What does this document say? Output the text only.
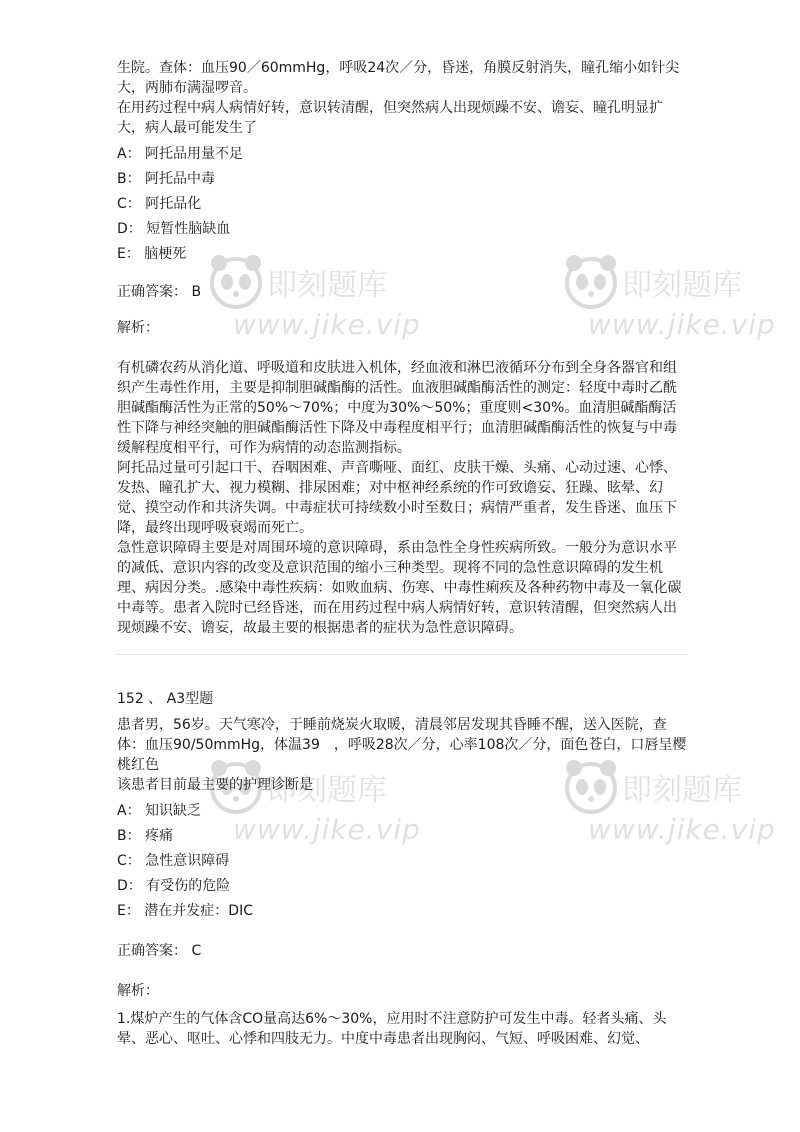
即刻题库
www.jike.vip
即刻题库
www.jike.vip
即刻题库
www.jike.vip
即刻题库
www.jike.vip

生院。查体：血压90／60mmHg，呼吸24次／分，昏迷，角膜反射消失，瞳孔缩小如针尖大，两肺布满湿啰音。

在用药过程中病人病情好转，意识转清醒，但突然病人出现烦躁不安、谵妄、瞳孔明显扩大，病人最可能发生了

A： 阿托品用量不足

B： 阿托品中毒

C： 阿托品化

D： 短暂性脑缺血

E： 脑梗死

正确答案： B

解析：

有机磷农药从消化道、呼吸道和皮肤进入机体，经血液和淋巴液循环分布到全身各器官和组织产生毒性作用，主要是抑制胆碱酯酶的活性。血液胆碱酯酶活性的测定：轻度中毒时乙酰胆碱酯酶活性为正常的50%～70%；中度为30%～50%；重度则<30%。血清胆碱酯酶活性下降与神经突触的胆碱酯酶活性下降及中毒程度相平行；血清胆碱酯酶活性的恢复与中毒缓解程度相平行，可作为病情的动态监测指标。

阿托品过量可引起口干、吞咽困难、声音嘶哑、面红、皮肤干燥、头痛、心动过速、心悸、发热、瞳孔扩大、视力模糊、排尿困难；对中枢神经系统的作可致谵妄、狂躁、眩晕、幻觉、摸空动作和共济失调。中毒症状可持续数小时至数日；病情严重者，发生昏迷、血压下降，最终出现呼吸衰竭而死亡。

急性意识障碍主要是对周围环境的意识障碍，系由急性全身性疾病所致。一般分为意识水平的减低、意识内容的改变及意识范围的缩小三种类型。现将不同的急性意识障碍的发生机理、病因分类。.感染中毒性疾病：如败血病、伤寒、中毒性痢疾及各种药物中毒及一氧化碳中毒等。患者入院时已经昏迷，而在用药过程中病人病情好转，意识转清醒，但突然病人出现烦躁不安、谵妄，故最主要的根据患者的症状为急性意识障碍。

152 、 A3型题

患者男，56岁。天气寒冷，于睡前烧炭火取暖，清晨邻居发现其昏睡不醒，送入医院，查体：血压90/50mmHg，体温39　，呼吸28次／分，心率108次／分，面色苍白，口唇呈樱桃红色

该患者目前最主要的护理诊断是

A： 知识缺乏

B： 疼痛

C： 急性意识障碍

D： 有受伤的危险

E： 潜在并发症：DIC

正确答案： C

解析：

1.煤炉产生的气体含CO量高达6%～30%，应用时不注意防护可发生中毒。轻者头痛、头晕、恶心、呕吐、心悸和四肢无力。中度中毒患者出现胸闷、气短、呼吸困难、幻觉、
